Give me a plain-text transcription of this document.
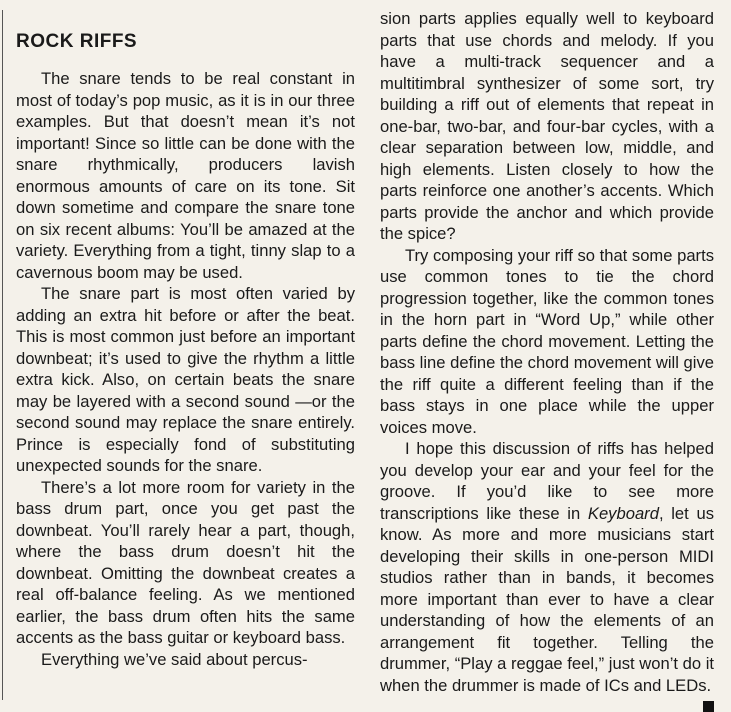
ROCK RIFFS

The snare tends to be real constant in most of today’s pop music, as it is in our three examples. But that doesn’t mean it’s not important! Since so little can be done with the snare rhythmically, producers lavish enormous amounts of care on its tone. Sit down sometime and compare the snare tone on six recent albums: You’ll be amazed at the variety. Everything from a tight, tinny slap to a cavernous boom may be used.

The snare part is most often varied by adding an extra hit before or after the beat. This is most common just before an important downbeat; it’s used to give the rhythm a little extra kick. Also, on certain beats the snare may be layered with a second sound —or the second sound may replace the snare entirely. Prince is especially fond of substituting unexpected sounds for the snare.

There’s a lot more room for variety in the bass drum part, once you get past the downbeat. You’ll rarely hear a part, though, where the bass drum doesn’t hit the downbeat. Omitting the downbeat creates a real off-balance feeling. As we mentioned earlier, the bass drum often hits the same accents as the bass guitar or keyboard bass.

Everything we’ve said about percus-

sion parts applies equally well to keyboard parts that use chords and melody. If you have a multi-track sequencer and a multitimbral synthesizer of some sort, try building a riff out of elements that repeat in one-bar, two-bar, and four-bar cycles, with a clear separation between low, middle, and high elements. Listen closely to how the parts reinforce one another’s accents. Which parts provide the anchor and which provide the spice?

Try composing your riff so that some parts use common tones to tie the chord progression together, like the common tones in the horn part in “Word Up,” while other parts define the chord movement. Letting the bass line define the chord movement will give the riff quite a different feeling than if the bass stays in one place while the upper voices move.

I hope this discussion of riffs has helped you develop your ear and your feel for the groove. If you’d like to see more transcriptions like these in Keyboard, let us know. As more and more musicians start developing their skills in one-person MIDI studios rather than in bands, it becomes more important than ever to have a clear understanding of how the elements of an arrangement fit together. Telling the drummer, “Play a reggae feel,” just won’t do it when the drummer is made of ICs and LEDs.
